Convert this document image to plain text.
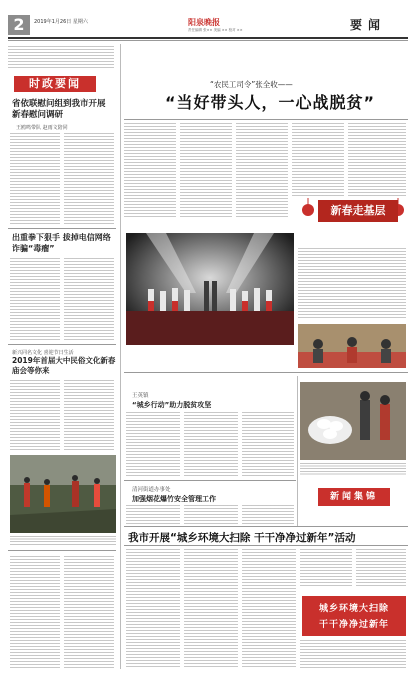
2	2019年1月26日 星期六	阳泉晚报
责任编辑 张×× 美编 ×× 校对 ××	要闻
时政要闻
省依联慰问组到我市开展新春慰问调研
王鸥鸣带队 赵雨文陪同
出重拳下狠手 拔掉电信网络诈骗“毒瘤”
新兴同名文化 喜迎节日生活
2019年首届大中民俗文化新春庙会等你来
“农民工司令”张全收——
“当好带头人，一心战脱贫”
新春走基层
王英镇
“城乡行动”助力脱贫攻坚
清河街道办事处
加强烟花爆竹安全管理工作	新闻集锦
我市开展“城乡环境大扫除 干干净净过新年”活动
城乡环境大扫除
干干净净过新年
